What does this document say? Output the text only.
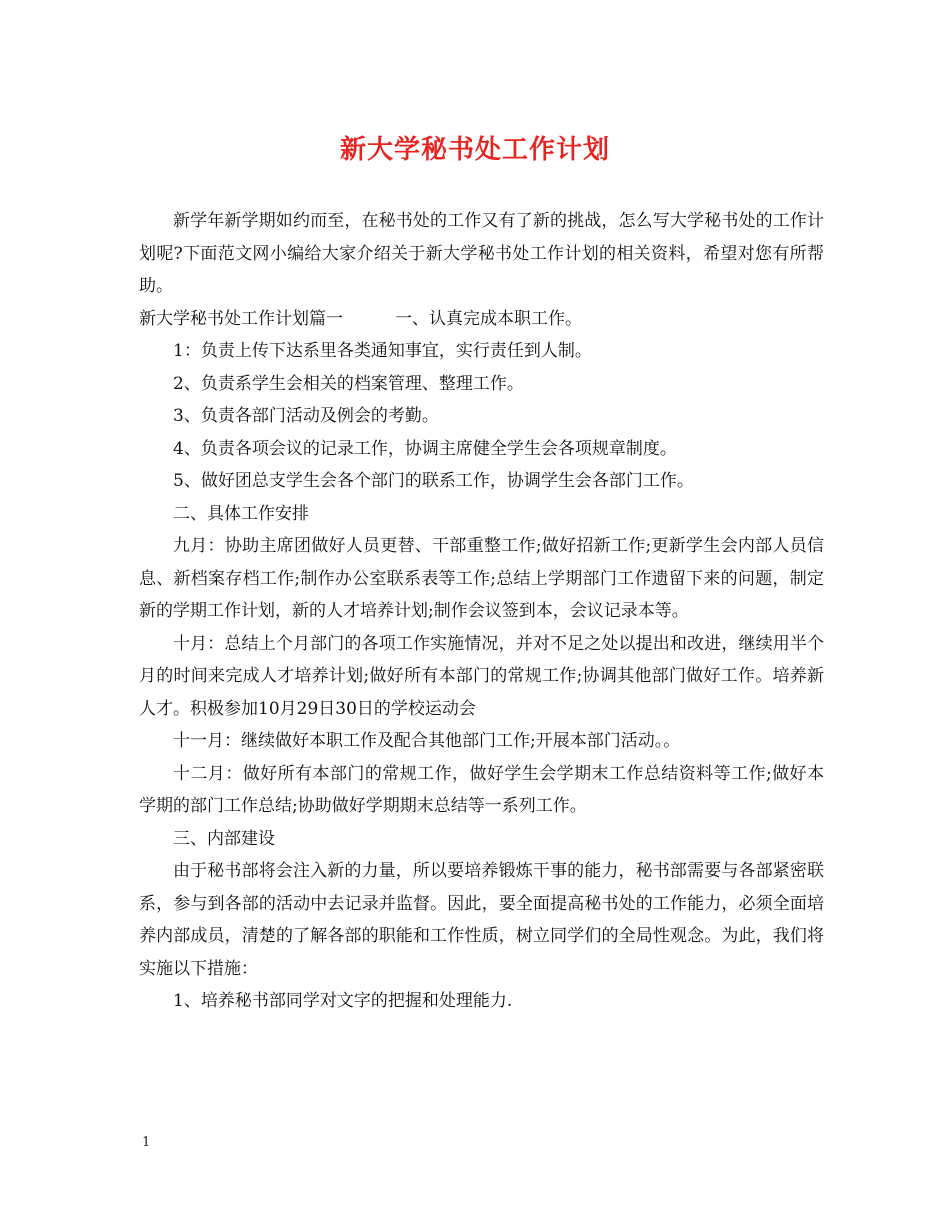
新大学秘书处工作计划

新学年新学期如约而至，在秘书处的工作又有了新的挑战，怎么写大学秘书处的工作计划呢?下面范文网小编给大家介绍关于新大学秘书处工作计划的相关资料，希望对您有所帮助。

新大学秘书处工作计划篇一	一、认真完成本职工作。

1：负责上传下达系里各类通知事宜，实行责任到人制。

2、负责系学生会相关的档案管理、整理工作。

3、负责各部门活动及例会的考勤。

4、负责各项会议的记录工作，协调主席健全学生会各项规章制度。

5、做好团总支学生会各个部门的联系工作，协调学生会各部门工作。

二、具体工作安排

九月：协助主席团做好人员更替、干部重整工作;做好招新工作;更新学生会内部人员信息、新档案存档工作;制作办公室联系表等工作;总结上学期部门工作遗留下来的问题，制定新的学期工作计划，新的人才培养计划;制作会议签到本，会议记录本等。

十月：总结上个月部门的各项工作实施情况，并对不足之处以提出和改进，继续用半个月的时间来完成人才培养计划;做好所有本部门的常规工作;协调其他部门做好工作。培养新人才。积极参加10月29日30日的学校运动会

十一月：继续做好本职工作及配合其他部门工作;开展本部门活动。。

十二月：做好所有本部门的常规工作，做好学生会学期末工作总结资料等工作;做好本学期的部门工作总结;协助做好学期期末总结等一系列工作。

三、内部建设

由于秘书部将会注入新的力量，所以要培养锻炼干事的能力，秘书部需要与各部紧密联系，参与到各部的活动中去记录并监督。因此，要全面提高秘书处的工作能力，必须全面培养内部成员，清楚的了解各部的职能和工作性质，树立同学们的全局性观念。为此，我们将实施以下措施：

1、培养秘书部同学对文字的把握和处理能力.

1
